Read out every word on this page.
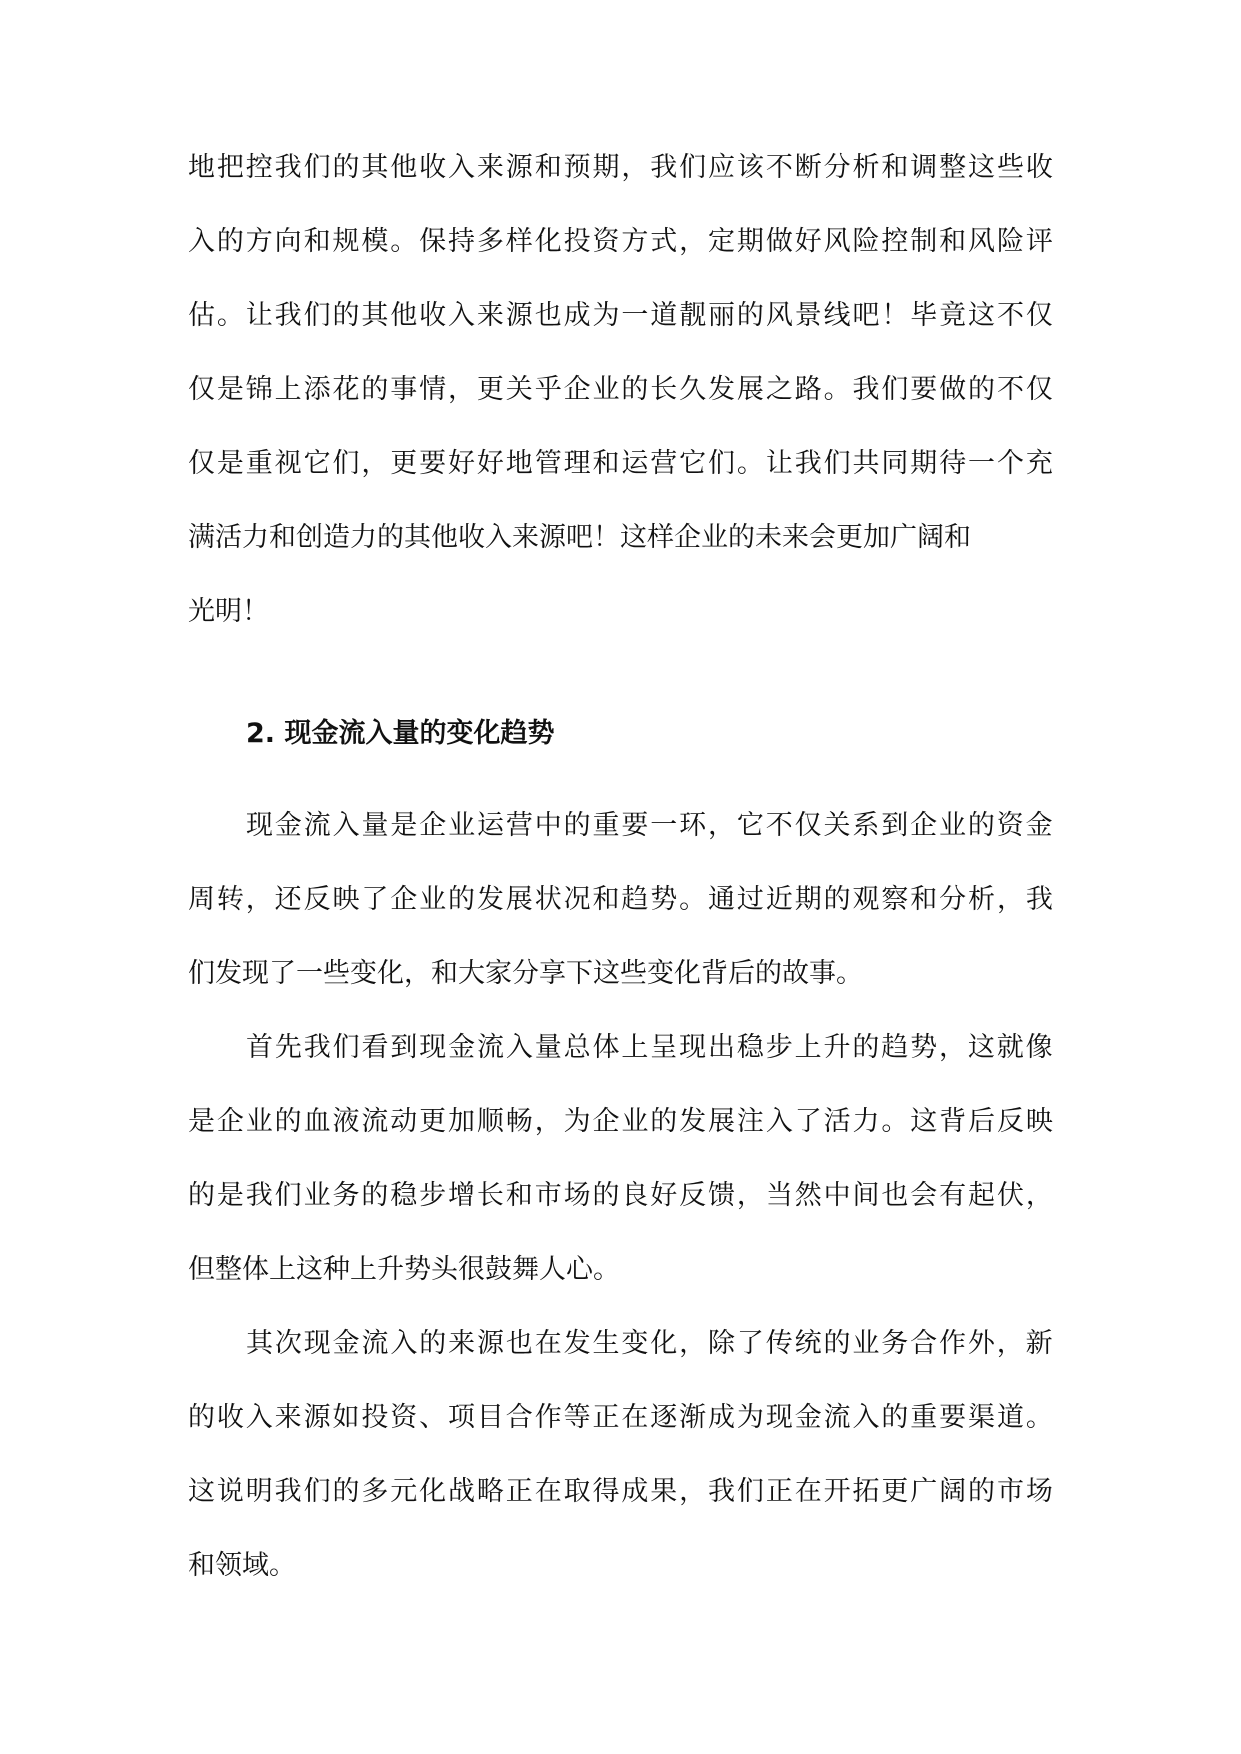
地 把 控 我 们 的 其 他 收 入 来 源 和 预 期 ， 我 们 应 该 不 断 分 析 和 调 整 这 些 收
入 的 方 向 和 规 模 。 保 持 多 样 化 投 资 方 式 ， 定 期 做 好 风 险 控 制 和 风 险 评
估 。 让 我 们 的 其 他 收 入 来 源 也 成 为 一 道 靓 丽 的 风 景 线 吧 ！ 毕 竟 这 不 仅
仅 是 锦 上 添 花 的 事 情 ， 更 关 乎 企 业 的 长 久 发 展 之 路 。 我 们 要 做 的 不 仅
仅 是 重 视 它 们 ， 更 要 好 好 地 管 理 和 运 营 它 们 。 让 我 们 共 同 期 待 一 个 充
满活力和创造力的其他收入来源吧！这样企业的未来会更加广阔和
光明！
2. 现金流入量的变化趋势
现 金 流 入 量 是 企 业 运 营 中 的 重 要 一 环 ， 它 不 仅 关 系 到 企 业 的 资 金
周 转 ， 还 反 映 了 企 业 的 发 展 状 况 和 趋 势 。 通 过 近 期 的 观 察 和 分 析 ， 我
们发现了一些变化，和大家分享下这些变化背后的故事。
首 先 我 们 看 到 现 金 流 入 量 总 体 上 呈 现 出 稳 步 上 升 的 趋 势 ， 这 就 像
是 企 业 的 血 液 流 动 更 加 顺 畅 ， 为 企 业 的 发 展 注 入 了 活 力 。 这 背 后 反 映
的 是 我 们 业 务 的 稳 步 增 长 和 市 场 的 良 好 反 馈 ， 当 然 中 间 也 会 有 起 伏 ，
但整体上这种上升势头很鼓舞人心。
其 次 现 金 流 入 的 来 源 也 在 发 生 变 化 ， 除 了 传 统 的 业 务 合 作 外 ， 新
的 收 入 来 源 如 投 资 、 项 目 合 作 等 正 在 逐 渐 成 为 现 金 流 入 的 重 要 渠 道 。
这 说 明 我 们 的 多 元 化 战 略 正 在 取 得 成 果 ， 我 们 正 在 开 拓 更 广 阔 的 市 场
和领域。
